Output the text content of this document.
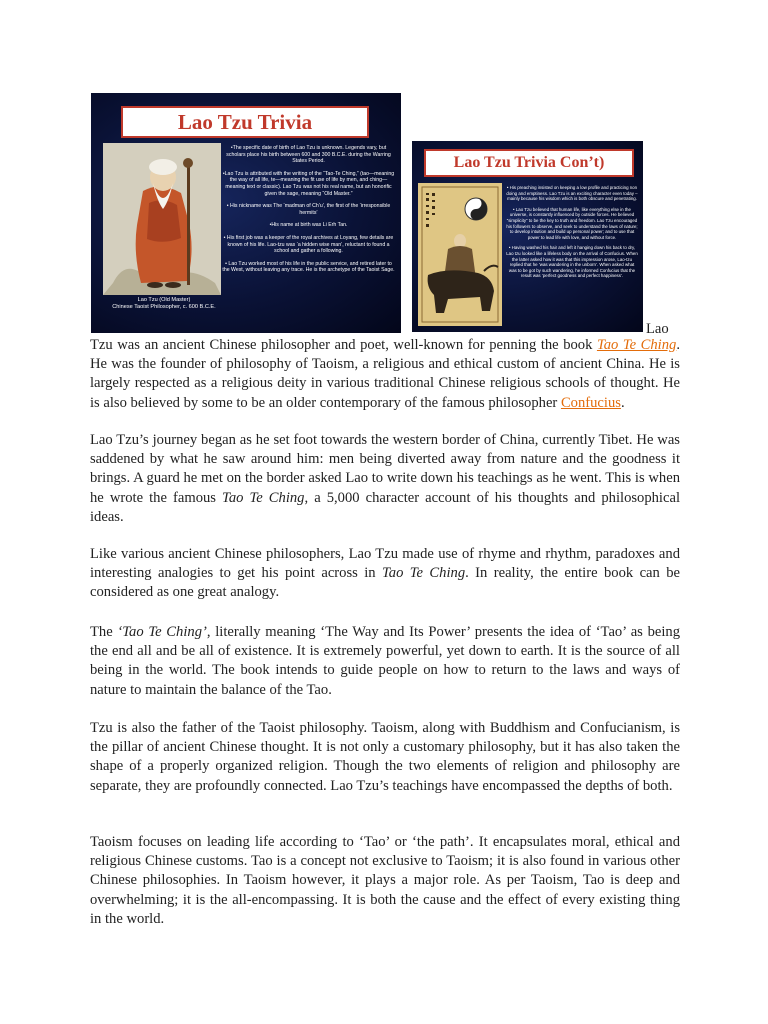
Lao Tzu Trivia
Lao Tzu (Old Master)
Chinese Taoist Philosopher, c. 600 B.C.E.

•The specific date of birth of Lao Tzu is unknown. Legends vary, but scholars place his birth between 600 and 300 B.C.E. during the Warring States Period.

•Lao Tzu is attributed with the writing of the “Tao-Te Ching,” (tao—meaning the way of all life, te—meaning the fit use of life by men, and ching—meaning text or classic). Lao Tzu was not his real name, but an honorific given the sage, meaning “Old Master.”

• His nickname was The ‘madman of Ch’u’, the first of the ‘irresponsible hermits’

•His name at birth was Li Erh Tan.

• His first job was a keeper of the royal archives at Loyang, few details are known of his life. Lao-tzu was ‘a hidden wise man’, reluctant to found a school and gather a following.

• Lao Tzu worked most of his life in the public service, and retired later to the West, without leaving any trace. He is the archetype of the Taoist Sage.

Lao Tzu Trivia Con’t)

• His preaching insisted on keeping a low profile and practicing non doing and emptiness. Lao Tzu is an exciting character even today – mainly because his wisdom which is both obscure and penetrating.

• Lao Tzu believed that human life, like everything else in the universe, is constantly influenced by outside forces. He believed “simplicity” to be the key to truth and freedom. Lao Tzu encouraged his followers to observe, and seek to understand the laws of nature; to develop intuition and build up personal power; and to use that power to lead life with love, and without force.

• Having washed his hair and left it hanging down his back to dry, Lao tzu looked like a lifeless body on the arrival of Confucius. When the latter asked how it was that this impression arose, Lao-tzu replied that he ‘was wandering in the unborn’. When asked what was to be got by such wandering, he informed Confucius that the result was ‘perfect goodness and perfect happiness’.

Lao

Tzu was an ancient Chinese philosopher and poet, well-known for penning the book Tao Te Ching. He was the founder of philosophy of Taoism, a religious and ethical custom of ancient China. He is largely respected as a religious deity in various traditional Chinese religious schools of thought. He is also believed by some to be an older contemporary of the famous philosopher Confucius.

Lao Tzu’s journey began as he set foot towards the western border of China, currently Tibet. He was saddened by what he saw around him: men being diverted away from nature and the goodness it brings. A guard he met on the border asked Lao to write down his teachings as he went. This is when he wrote the famous Tao Te Ching, a 5,000 character account of his thoughts and philosophical ideas.

Like various ancient Chinese philosophers, Lao Tzu made use of rhyme and rhythm, paradoxes and interesting analogies to get his point across in Tao Te Ching. In reality, the entire book can be considered as one great analogy.

The ‘Tao Te Ching’, literally meaning ‘The Way and Its Power’ presents the idea of ‘Tao’ as being the end all and be all of existence. It is extremely powerful, yet down to earth. It is the source of all being in the world. The book intends to guide people on how to return to the laws and ways of nature to maintain the balance of the Tao.

Tzu is also the father of the Taoist philosophy. Taoism, along with Buddhism and Confucianism, is the pillar of ancient Chinese thought. It is not only a customary philosophy, but it has also taken the shape of a properly organized religion. Though the two elements of religion and philosophy are separate, they are profoundly connected. Lao Tzu’s teachings have encompassed the depths of both.

Taoism focuses on leading life according to ‘Tao’ or ‘the path’. It encapsulates moral, ethical and religious Chinese customs. Tao is a concept not exclusive to Taoism; it is also found in various other Chinese philosophies. In Taoism however, it plays a major role. As per Taoism, Tao is deep and overwhelming; it is the all-encompassing. It is both the cause and the effect of every existing thing in the world.
